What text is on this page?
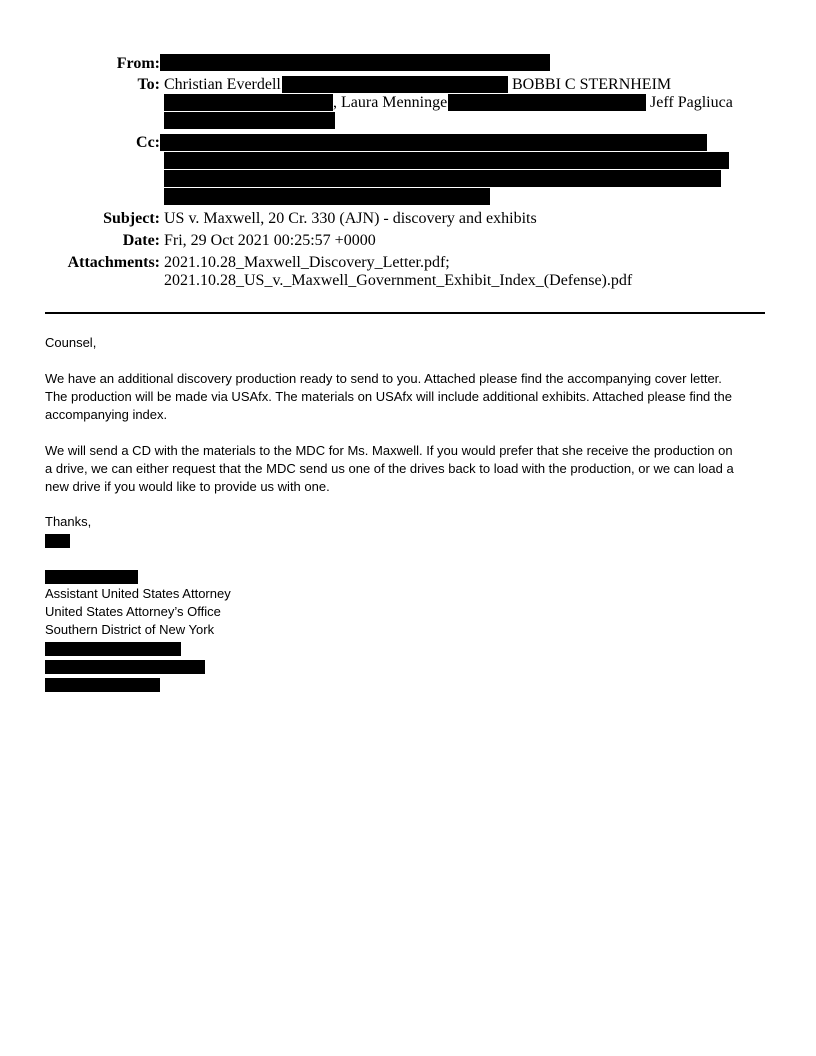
From:
To:
Cc:
Subject:
Date:
Attachments:
Christian Everdell	BOBBI C STERNHEIM
, Laura Menninge	Jeff Pagliuca
US v. Maxwell, 20 Cr. 330 (AJN) - discovery and exhibits
Fri, 29 Oct 2021 00:25:57 +0000
2021.10.28_Maxwell_Discovery_Letter.pdf;
2021.10.28_US_v._Maxwell_Government_Exhibit_Index_(Defense).pdf
Counsel,
We have an additional discovery production ready to send to you. Attached please find the accompanying cover letter.
The production will be made via USAfx. The materials on USAfx will include additional exhibits. Attached please find the
accompanying index.
We will send a CD with the materials to the MDC for Ms. Maxwell. If you would prefer that she receive the production on
a drive, we can either request that the MDC send us one of the drives back to load with the production, or we can load a
new drive if you would like to provide us with one.
Thanks,
Assistant United States Attorney
United States Attorney’s Office
Southern District of New York
